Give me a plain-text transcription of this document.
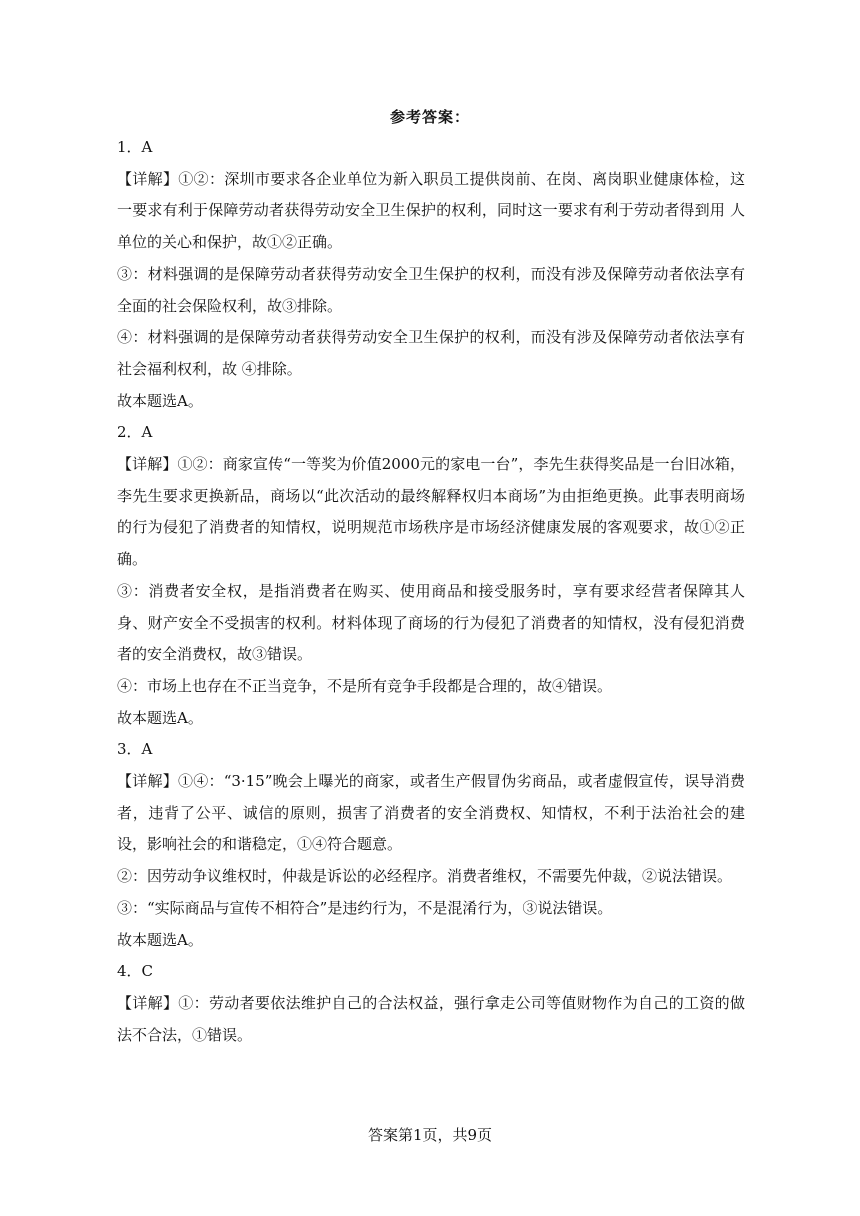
参考答案：

1．A

【详解】①②：深圳市要求各企业单位为新入职员工提供岗前、在岗、离岗职业健康体检，这一要求有利于保障劳动者获得劳动安全卫生保护的权利，同时这一要求有利于劳动者得到用 人单位的关心和保护，故①②正确。

③：材料强调的是保障劳动者获得劳动安全卫生保护的权利，而没有涉及保障劳动者依法享有全面的社会保险权利，故③排除。

④：材料强调的是保障劳动者获得劳动安全卫生保护的权利，而没有涉及保障劳动者依法享有社会福利权利，故 ④排除。

故本题选A。

2．A

【详解】①②：商家宣传“一等奖为价值2000元的家电一台”，李先生获得奖品是一台旧冰箱，李先生要求更换新品，商场以“此次活动的最终解释权归本商场”为由拒绝更换。此事表明商场的行为侵犯了消费者的知情权，说明规范市场秩序是市场经济健康发展的客观要求，故①②正确。

③：消费者安全权，是指消费者在购买、使用商品和接受服务时，享有要求经营者保障其人身、财产安全不受损害的权利。材料体现了商场的行为侵犯了消费者的知情权，没有侵犯消费者的安全消费权，故③错误。

④：市场上也存在不正当竞争，不是所有竞争手段都是合理的，故④错误。

故本题选A。

3．A

【详解】①④：“3·15”晚会上曝光的商家，或者生产假冒伪劣商品，或者虚假宣传，误导消费者，违背了公平、诚信的原则，损害了消费者的安全消费权、知情权，不利于法治社会的建设，影响社会的和谐稳定，①④符合题意。

②：因劳动争议维权时，仲裁是诉讼的必经程序。消费者维权，不需要先仲裁，②说法错误。

③：“实际商品与宣传不相符合”是违约行为，不是混淆行为，③说法错误。

故本题选A。

4．C

【详解】①：劳动者要依法维护自己的合法权益，强行拿走公司等值财物作为自己的工资的做法不合法，①错误。

答案第1页，共9页
